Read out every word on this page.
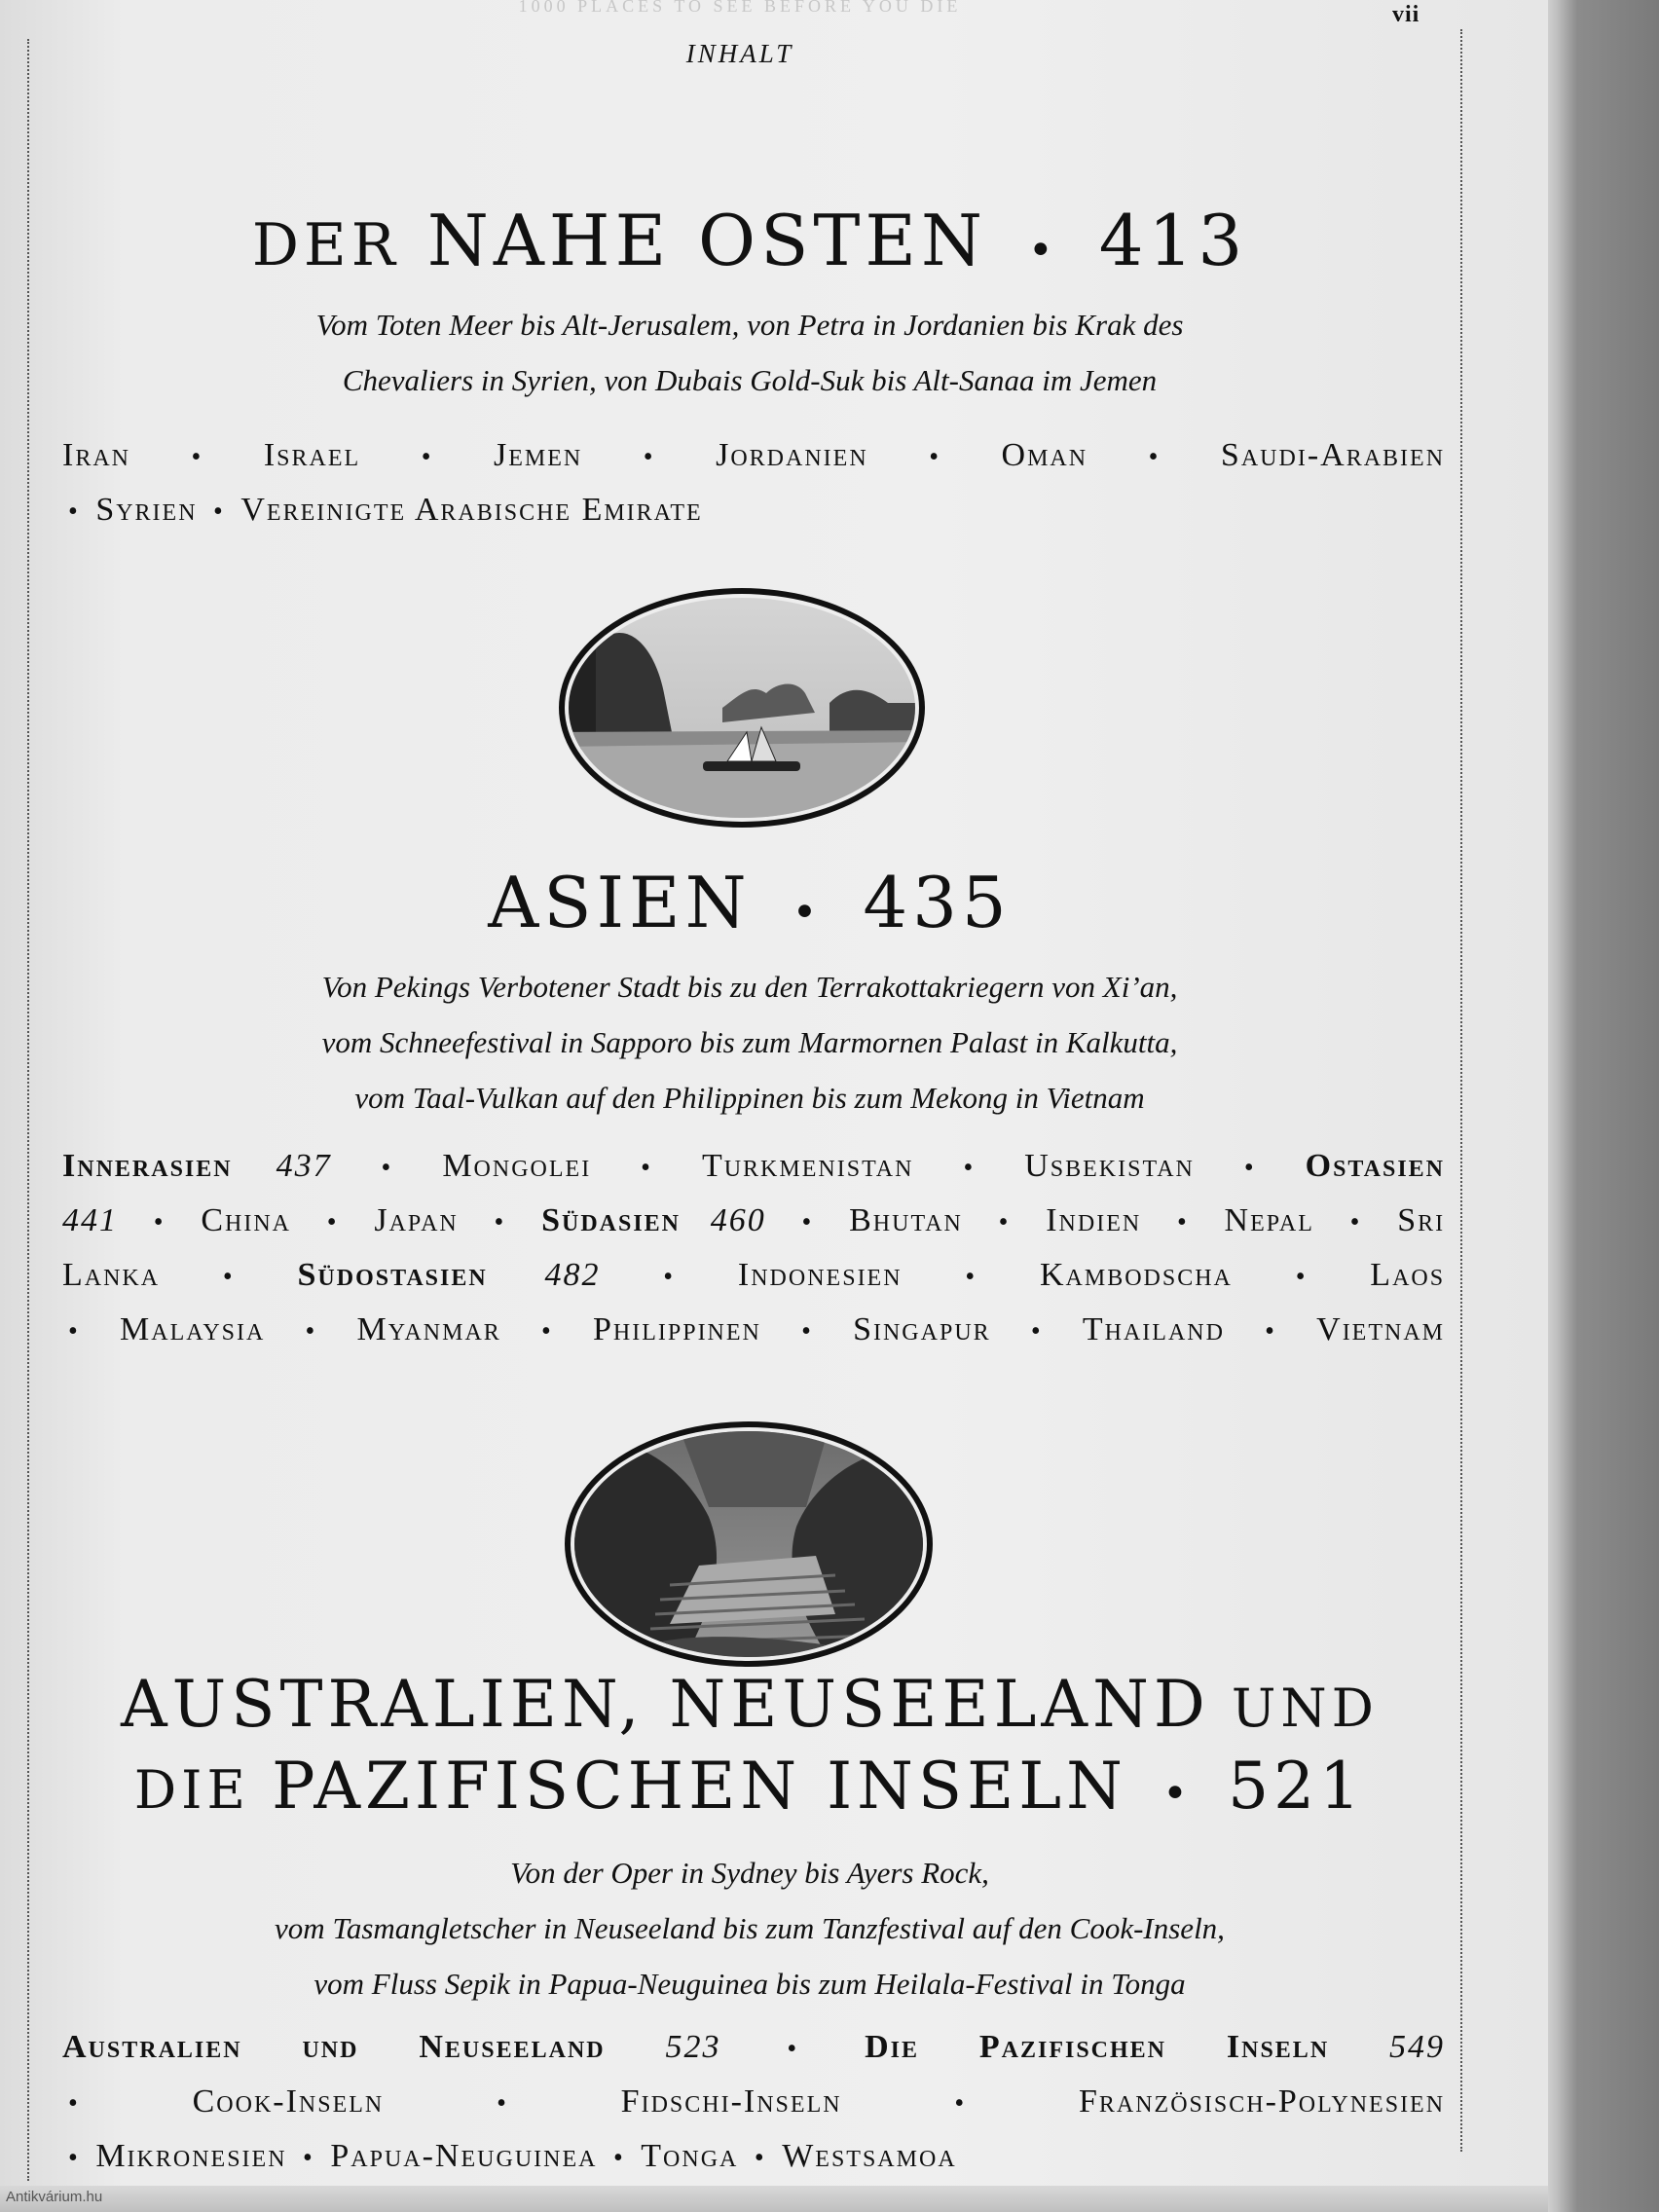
1000 PLACES TO SEE BEFORE YOU DIE	vii
INHALT
DER NAHE OSTEN • 413
Vom Toten Meer bis Alt-Jerusalem, von Petra in Jordanien bis Krak des
Chevaliers in Syrien, von Dubais Gold-Suk bis Alt-Sanaa im Jemen
Iran • Israel • Jemen • Jordanien • Oman • Saudi-Arabien
• Syrien • Vereinigte Arabische Emirate
ASIEN • 435
Von Pekings Verbotener Stadt bis zu den Terrakottakriegern von Xi’an,
vom Schneefestival in Sapporo bis zum Marmornen Palast in Kalkutta,
vom Taal-Vulkan auf den Philippinen bis zum Mekong in Vietnam
Innerasien 437 • Mongolei • Turkmenistan • Usbekistan • Ostasien
441 • China • Japan • Südasien 460 • Bhutan • Indien • Nepal • Sri
Lanka • Südostasien 482 • Indonesien • Kambodscha • Laos
• Malaysia • Myanmar • Philippinen • Singapur • Thailand • Vietnam
AUSTRALIEN, NEUSEELAND UND
DIE PAZIFISCHEN INSELN • 521
Von der Oper in Sydney bis Ayers Rock,
vom Tasmangletscher in Neuseeland bis zum Tanzfestival auf den Cook-Inseln,
vom Fluss Sepik in Papua-Neuguinea bis zum Heilala-Festival in Tonga
Australien und Neuseeland 523 • Die Pazifischen Inseln 549
•	Cook-Inseln	•	Fidschi-Inseln	•	Französisch-Polynesien
• Mikronesien • Papua-Neuguinea • Tonga • Westsamoa
Antikvárium.hu
